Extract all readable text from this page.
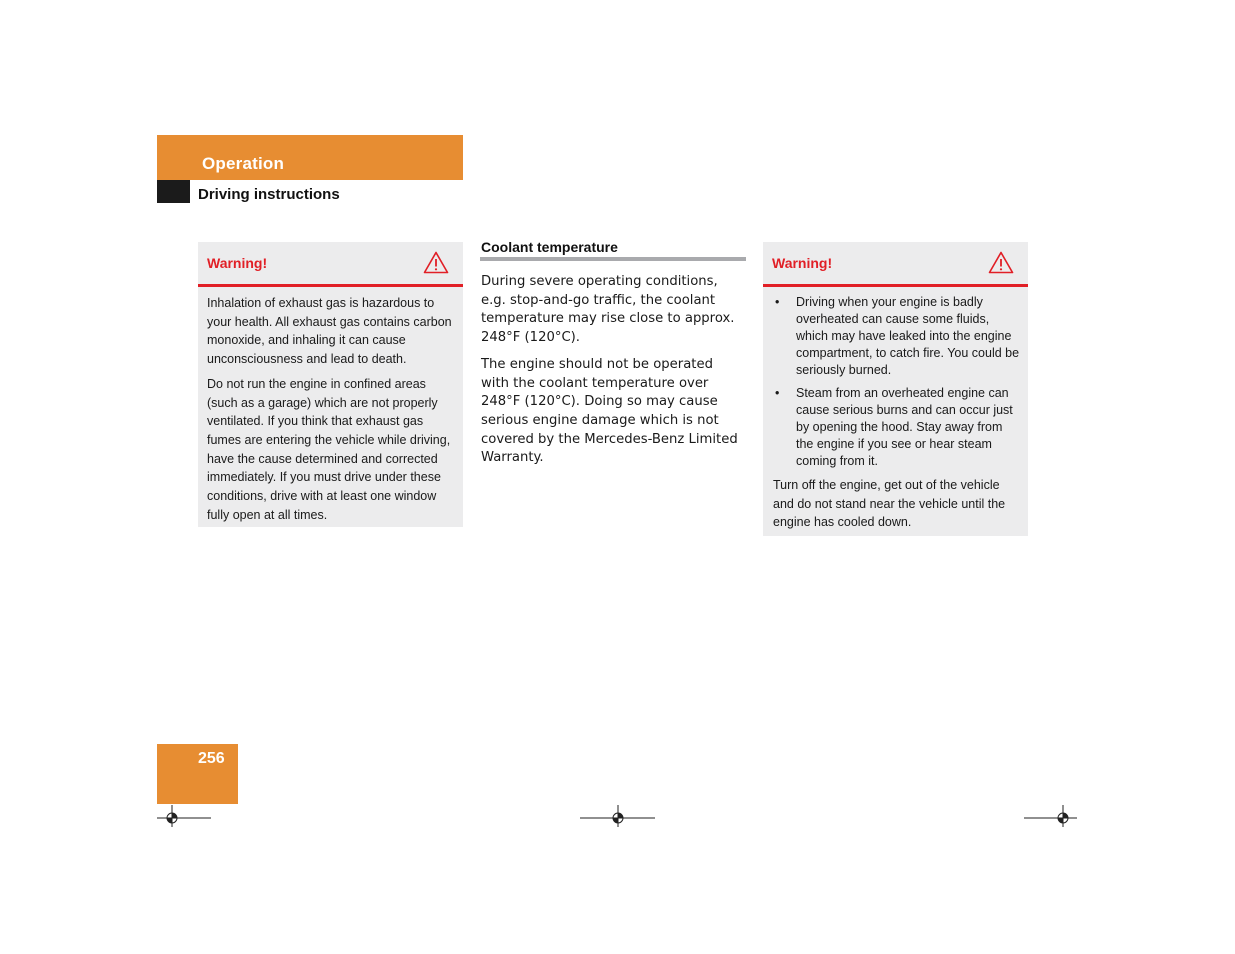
Operation
Driving instructions
Warning!

Inhalation of exhaust gas is hazardous to your health. All exhaust gas contains carbon monoxide, and inhaling it can cause unconsciousness and lead to death.

Do not run the engine in confined areas (such as a garage) which are not properly ventilated. If you think that exhaust gas fumes are entering the vehicle while driving, have the cause determined and corrected immediately. If you must drive under these conditions, drive with at least one window fully open at all times.

Coolant temperature

During severe operating conditions, e.g. stop-and-go traffic, the coolant temperature may rise close to approx. 248°F (120°C).

The engine should not be operated with the coolant temperature over 248°F (120°C). Doing so may cause serious engine damage which is not covered by the Mercedes-Benz Limited Warranty.

Warning!
• Driving when your engine is badly overheated can cause some fluids, which may have leaked into the engine compartment, to catch fire. You could be seriously burned.
• Steam from an overheated engine can cause serious burns and can occur just by opening the hood. Stay away from the engine if you see or hear steam coming from it.

Turn off the engine, get out of the vehicle and do not stand near the vehicle until the engine has cooled down.

256
